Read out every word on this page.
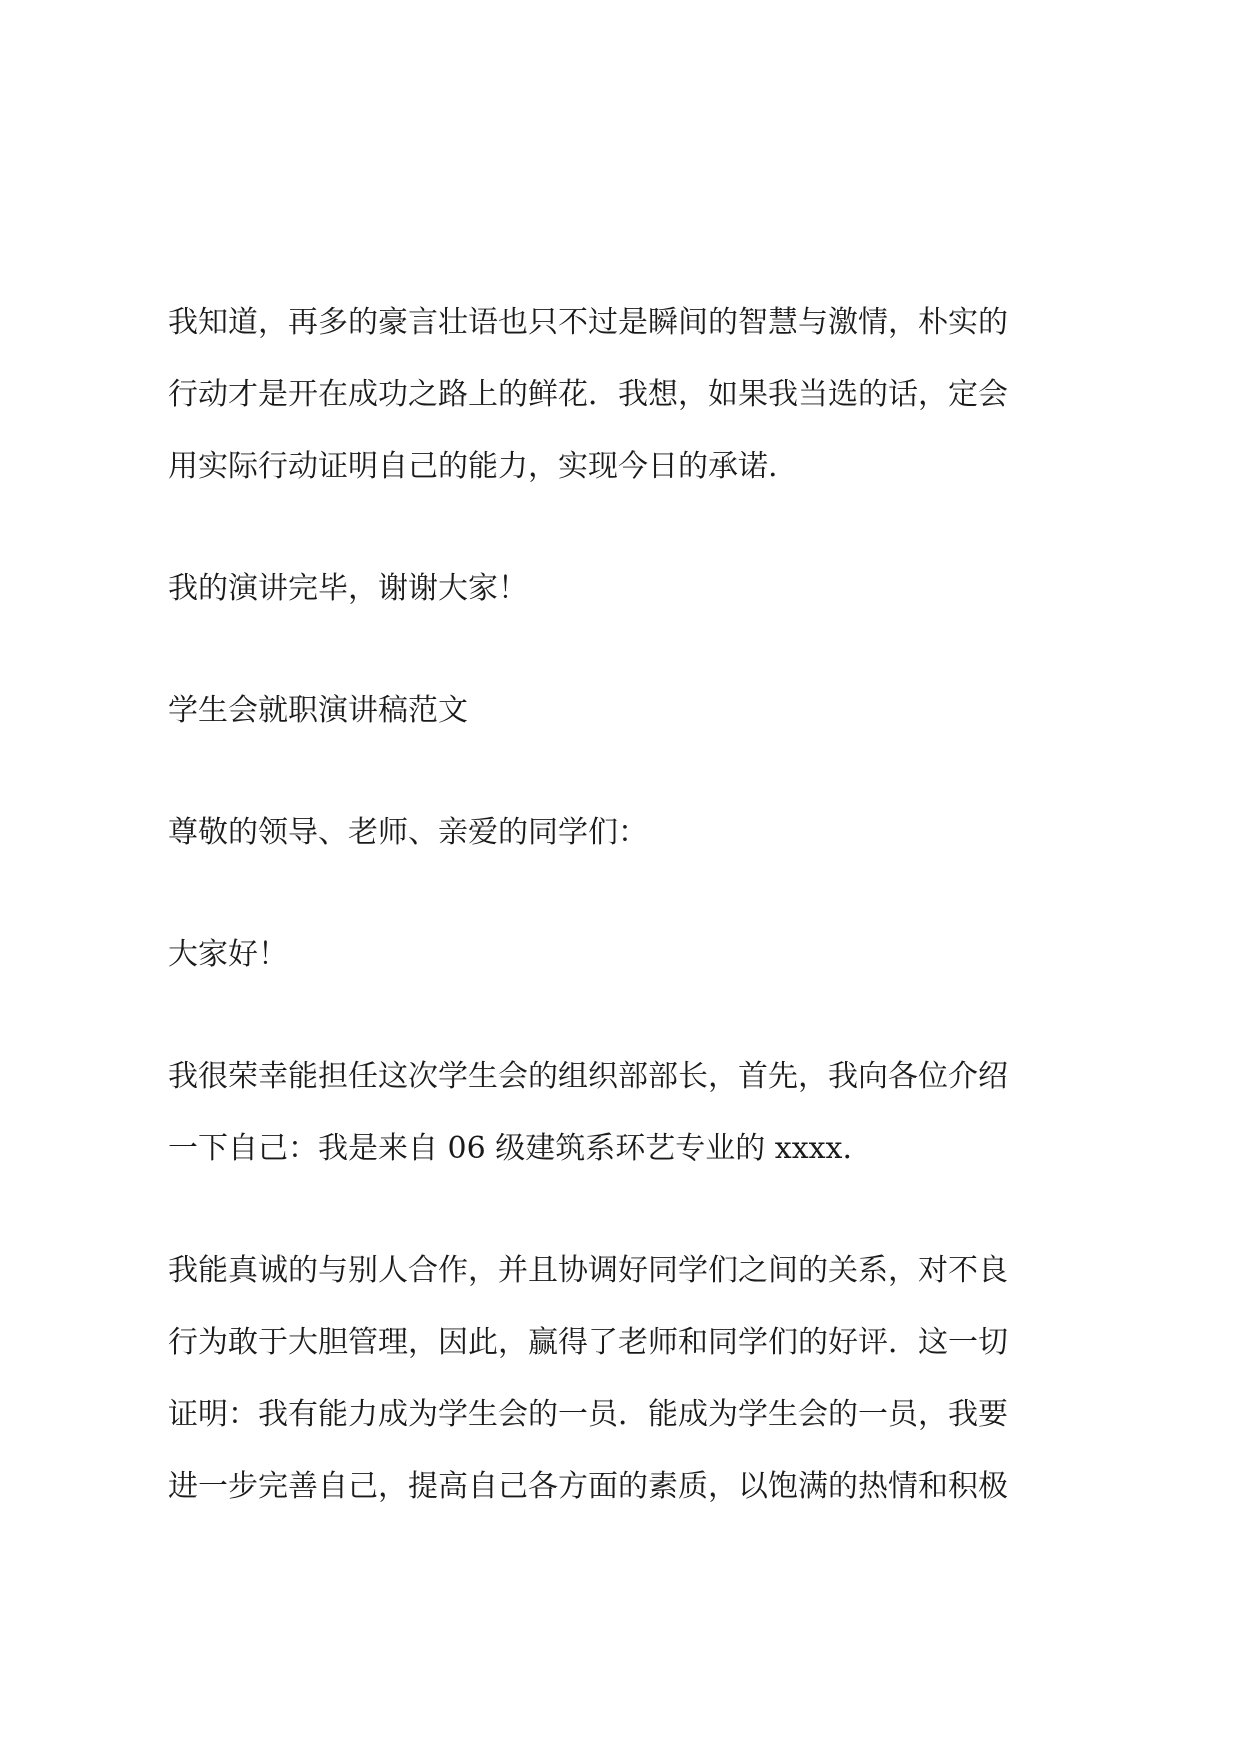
我知道，再多的豪言壮语也只不过是瞬间的智慧与激情，朴实的
行动才是开在成功之路上的鲜花．我想，如果我当选的话，定会
用实际行动证明自己的能力，实现今日的承诺.
我的演讲完毕，谢谢大家！
学生会就职演讲稿范文
尊敬的领导、老师、亲爱的同学们：
大家好！
我很荣幸能担任这次学生会的组织部部长，首先，我向各位介绍
一下自己：我是来自 06 级建筑系环艺专业的 xxxx.
我能真诚的与别人合作，并且协调好同学们之间的关系，对不良
行为敢于大胆管理，因此，赢得了老师和同学们的好评．这一切
证明：我有能力成为学生会的一员．能成为学生会的一员，我要
进一步完善自己，提高自己各方面的素质，以饱满的热情和积极
